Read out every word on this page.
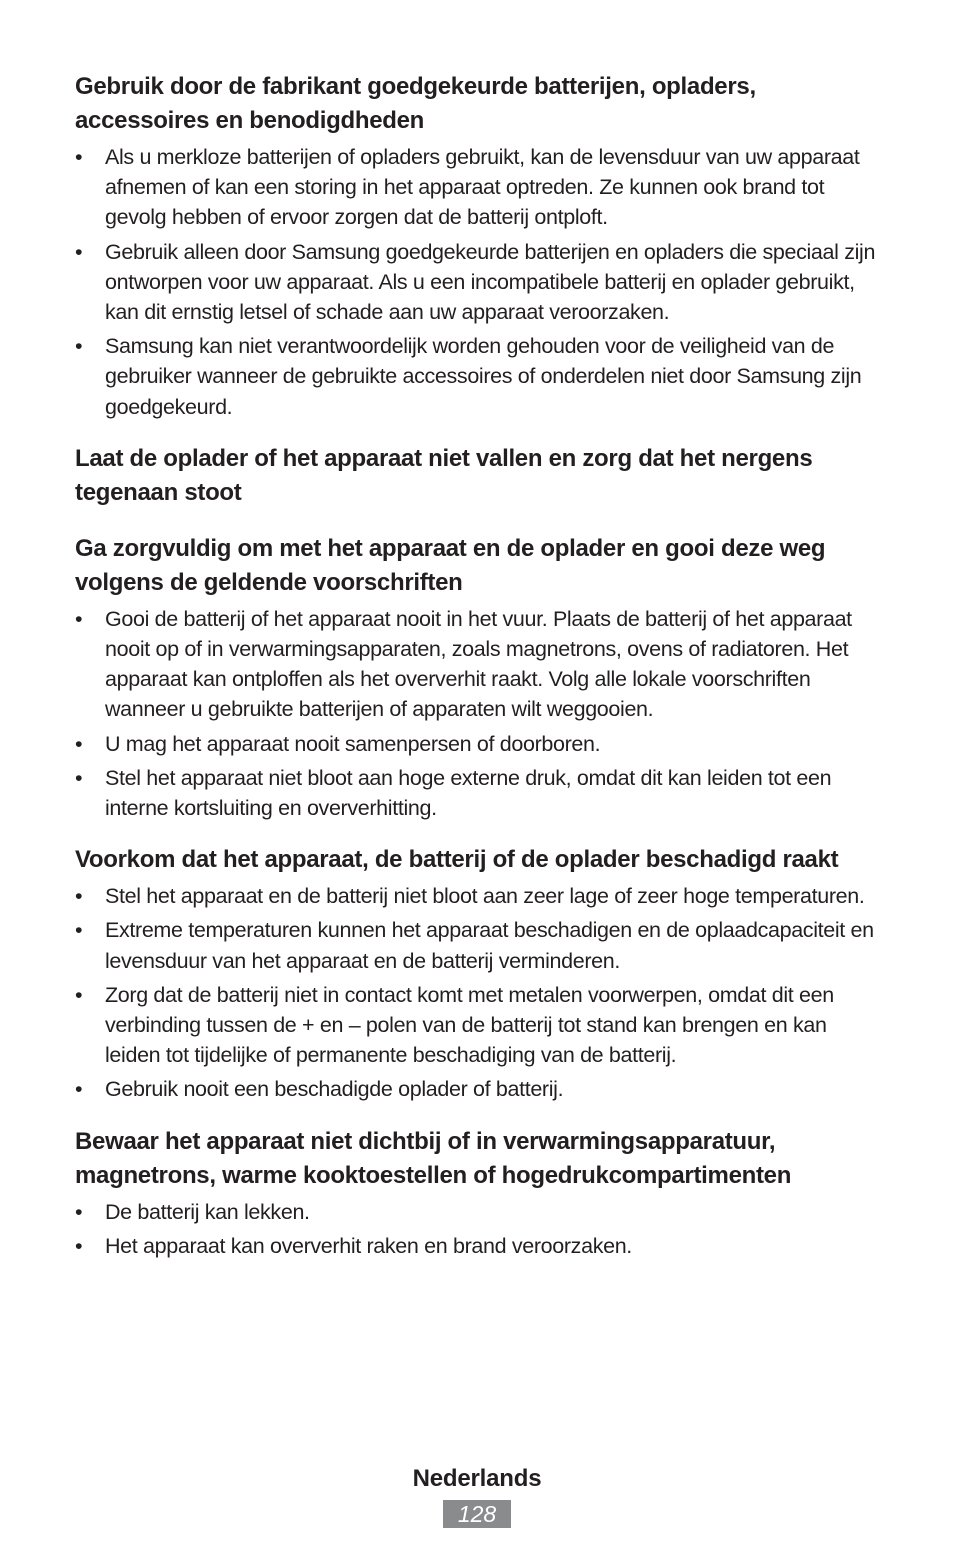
Gebruik door de fabrikant goedgekeurde batterijen, opladers, accessoires en benodigdheden
• Als u merkloze batterijen of opladers gebruikt, kan de levensduur van uw apparaat afnemen of kan een storing in het apparaat optreden. Ze kunnen ook brand tot gevolg hebben of ervoor zorgen dat de batterij ontploft.
• Gebruik alleen door Samsung goedgekeurde batterijen en opladers die speciaal zijn ontworpen voor uw apparaat. Als u een incompatibele batterij en oplader gebruikt, kan dit ernstig letsel of schade aan uw apparaat veroorzaken.
• Samsung kan niet verantwoordelijk worden gehouden voor de veiligheid van de gebruiker wanneer de gebruikte accessoires of onderdelen niet door Samsung zijn goedgekeurd.
Laat de oplader of het apparaat niet vallen en zorg dat het nergens tegenaan stoot
Ga zorgvuldig om met het apparaat en de oplader en gooi deze weg volgens de geldende voorschriften
• Gooi de batterij of het apparaat nooit in het vuur. Plaats de batterij of het apparaat nooit op of in verwarmingsapparaten, zoals magnetrons, ovens of radiatoren. Het apparaat kan ontploffen als het oververhit raakt. Volg alle lokale voorschriften wanneer u gebruikte batterijen of apparaten wilt weggooien.
• U mag het apparaat nooit samenpersen of doorboren.
• Stel het apparaat niet bloot aan hoge externe druk, omdat dit kan leiden tot een interne kortsluiting en oververhitting.
Voorkom dat het apparaat, de batterij of de oplader beschadigd raakt
• Stel het apparaat en de batterij niet bloot aan zeer lage of zeer hoge temperaturen.
• Extreme temperaturen kunnen het apparaat beschadigen en de oplaadcapaciteit en levensduur van het apparaat en de batterij verminderen.
• Zorg dat de batterij niet in contact komt met metalen voorwerpen, omdat dit een verbinding tussen de + en – polen van de batterij tot stand kan brengen en kan leiden tot tijdelijke of permanente beschadiging van de batterij.
• Gebruik nooit een beschadigde oplader of batterij.
Bewaar het apparaat niet dichtbij of in verwarmingsapparatuur, magnetrons, warme kooktoestellen of hogedrukcompartimenten
• De batterij kan lekken.
• Het apparaat kan oververhit raken en brand veroorzaken.
Nederlands
128
